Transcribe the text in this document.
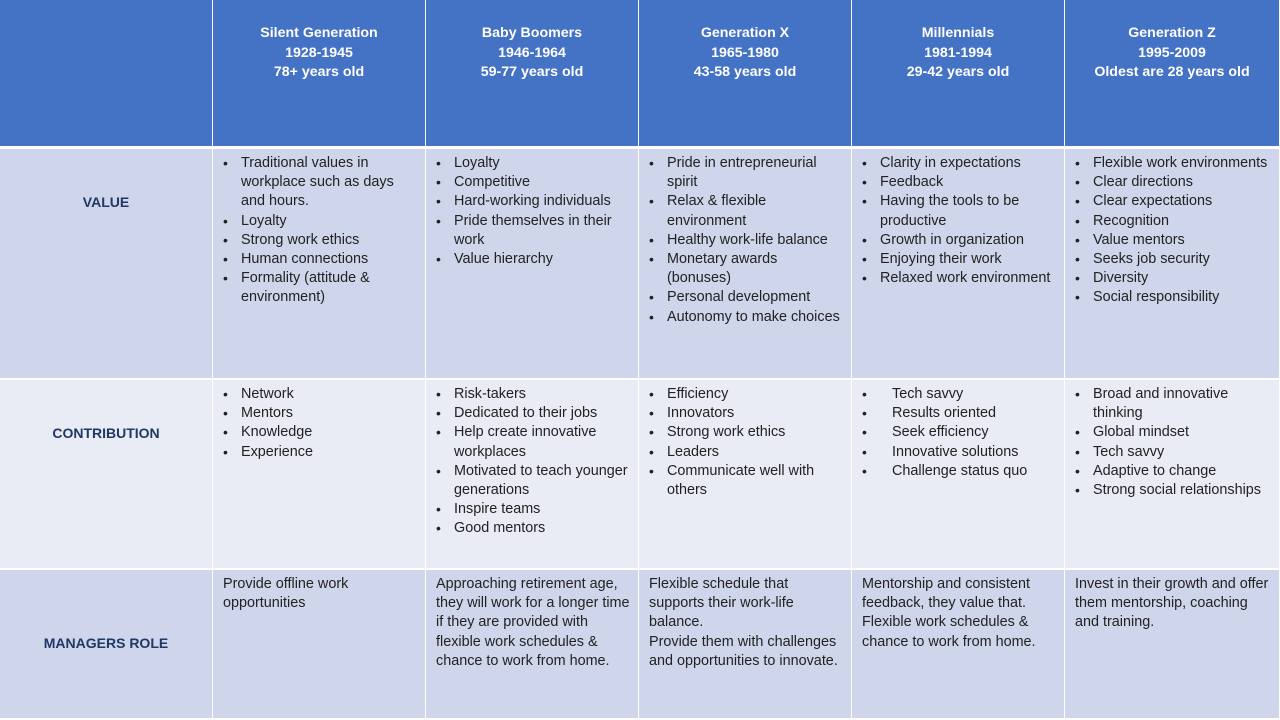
Silent Generation
1928-1945
78+ years old
Baby Boomers
1946-1964
59-77 years old
Generation X
1965-1980
43-58 years old
Millennials
1981-1994
29-42 years old
Generation Z
1995-2009
Oldest are 28 years old
VALUE
• Traditional values in workplace such as days and hours.
• Loyalty
• Strong work ethics
• Human connections
• Formality (attitude & environment)
• Loyalty
• Competitive
• Hard-working individuals
• Pride themselves in their work
• Value hierarchy
• Pride in entrepreneurial spirit
• Relax & flexible environment
• Healthy work-life balance
• Monetary awards (bonuses)
• Personal development
• Autonomy to make choices
• Clarity in expectations
• Feedback
• Having the tools to be productive
• Growth in organization
• Enjoying their work
• Relaxed work environment
• Flexible work environments
• Clear directions
• Clear expectations
• Recognition
• Value mentors
• Seeks job security
• Diversity
• Social responsibility
CONTRIBUTION
• Network
• Mentors
• Knowledge
• Experience
• Risk-takers
• Dedicated to their jobs
• Help create innovative workplaces
• Motivated to teach younger generations
• Inspire teams
• Good mentors
• Efficiency
• Innovators
• Strong work ethics
• Leaders
• Communicate well with others
• Tech savvy
• Results oriented
• Seek efficiency
• Innovative solutions
• Challenge status quo
• Broad and innovative thinking
• Global mindset
• Tech savvy
• Adaptive to change
• Strong social relationships
MANAGERS ROLE
Provide offline work opportunities
Approaching retirement age, they will work for a longer time if they are provided with flexible work schedules & chance to work from home.
Flexible schedule that supports their work-life balance.
Provide them with challenges and opportunities to innovate.
Mentorship and consistent feedback, they value that.
Flexible work schedules & chance to work from home.
Invest in their growth and offer them mentorship, coaching and training.
